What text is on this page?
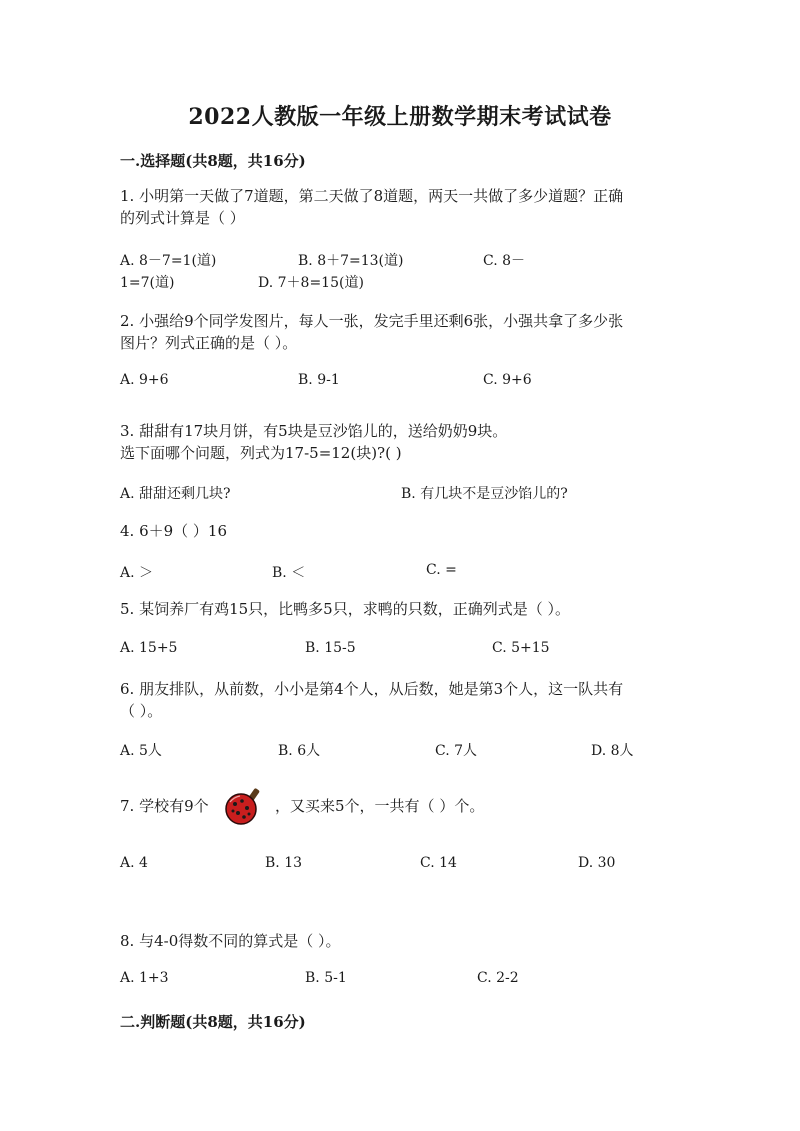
2022人教版一年级上册数学期末考试试卷
一.选择题(共8题，共16分)
1. 小明第一天做了7道题，第二天做了8道题，两天一共做了多少道题？正确
的列式计算是（ ）
A. 8－7=1(道)	B. 8＋7=13(道)	C. 8－
1=7(道)	D. 7＋8=15(道)
2. 小强给9个同学发图片，每人一张，发完手里还剩6张，小强共拿了多少张
图片？列式正确的是（ ）。
A. 9+6	B. 9-1	C. 9+6
3. 甜甜有17块月饼，有5块是豆沙馅儿的，送给奶奶9块。
选下面哪个问题，列式为17-5=12(块)?( )
A. 甜甜还剩几块?	B. 有几块不是豆沙馅儿的?
4. 6＋9（ ）16
A. ＞	B. ＜	C. =
5. 某饲养厂有鸡15只，比鸭多5只，求鸭的只数，正确列式是（ ）。
A. 15+5	B. 15-5	C. 5+15
6. 朋友排队，从前数，小小是第4个人，从后数，她是第3个人，这一队共有
（ ）。
A. 5人	B. 6人	C. 7人	D. 8人
7. 学校有9个	，又买来5个，一共有（ ）个。
A. 4	B. 13	C. 14	D. 30
8. 与4-0得数不同的算式是（ ）。
A. 1+3	B. 5-1	C. 2-2
二.判断题(共8题，共16分)
